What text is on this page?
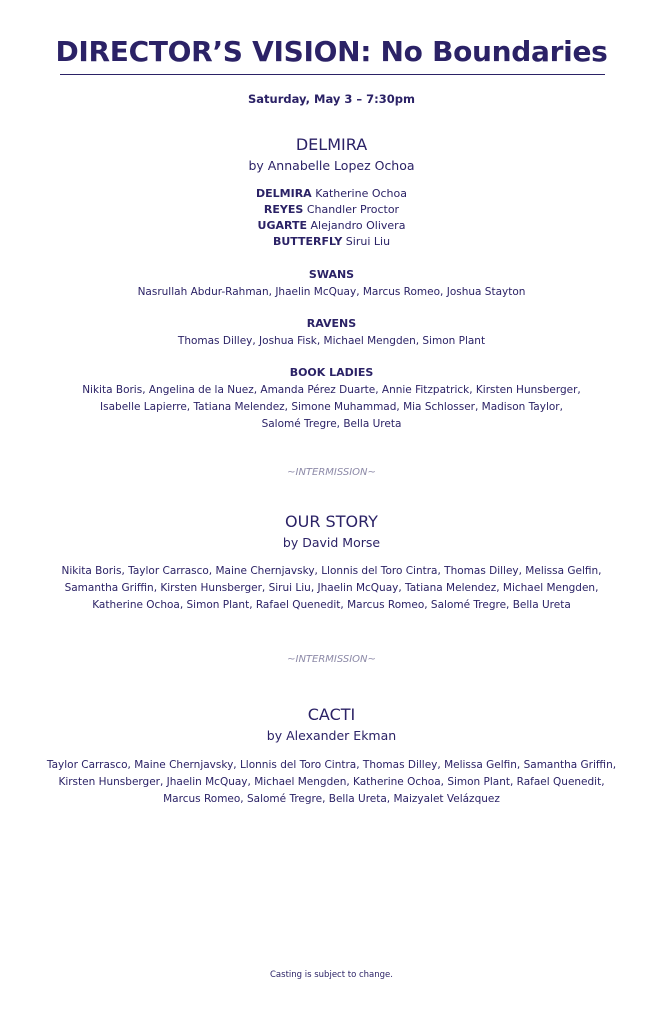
DIRECTOR’S VISION: No Boundaries
Saturday, May 3 – 7:30pm
DELMIRA
by Annabelle Lopez Ochoa
DELMIRA Katherine Ochoa
REYES Chandler Proctor
UGARTE Alejandro Olivera
BUTTERFLY Sirui Liu
SWANS
Nasrullah Abdur-Rahman, Jhaelin McQuay, Marcus Romeo, Joshua Stayton
RAVENS
Thomas Dilley, Joshua Fisk, Michael Mengden, Simon Plant
BOOK LADIES
Nikita Boris, Angelina de la Nuez, Amanda Pérez Duarte, Annie Fitzpatrick, Kirsten Hunsberger,
Isabelle Lapierre, Tatiana Melendez, Simone Muhammad, Mia Schlosser, Madison Taylor,
Salomé Tregre, Bella Ureta
~INTERMISSION~
OUR STORY
by David Morse
Nikita Boris, Taylor Carrasco, Maine Chernjavsky, Llonnis del Toro Cintra, Thomas Dilley, Melissa Gelfin,
Samantha Griffin, Kirsten Hunsberger, Sirui Liu, Jhaelin McQuay, Tatiana Melendez, Michael Mengden,
Katherine Ochoa, Simon Plant, Rafael Quenedit, Marcus Romeo, Salomé Tregre, Bella Ureta
~INTERMISSION~
CACTI
by Alexander Ekman
Taylor Carrasco, Maine Chernjavsky, Llonnis del Toro Cintra, Thomas Dilley, Melissa Gelfin, Samantha Griffin,
Kirsten Hunsberger, Jhaelin McQuay, Michael Mengden, Katherine Ochoa, Simon Plant, Rafael Quenedit,
Marcus Romeo, Salomé Tregre, Bella Ureta, Maizyalet Velázquez
Casting is subject to change.
